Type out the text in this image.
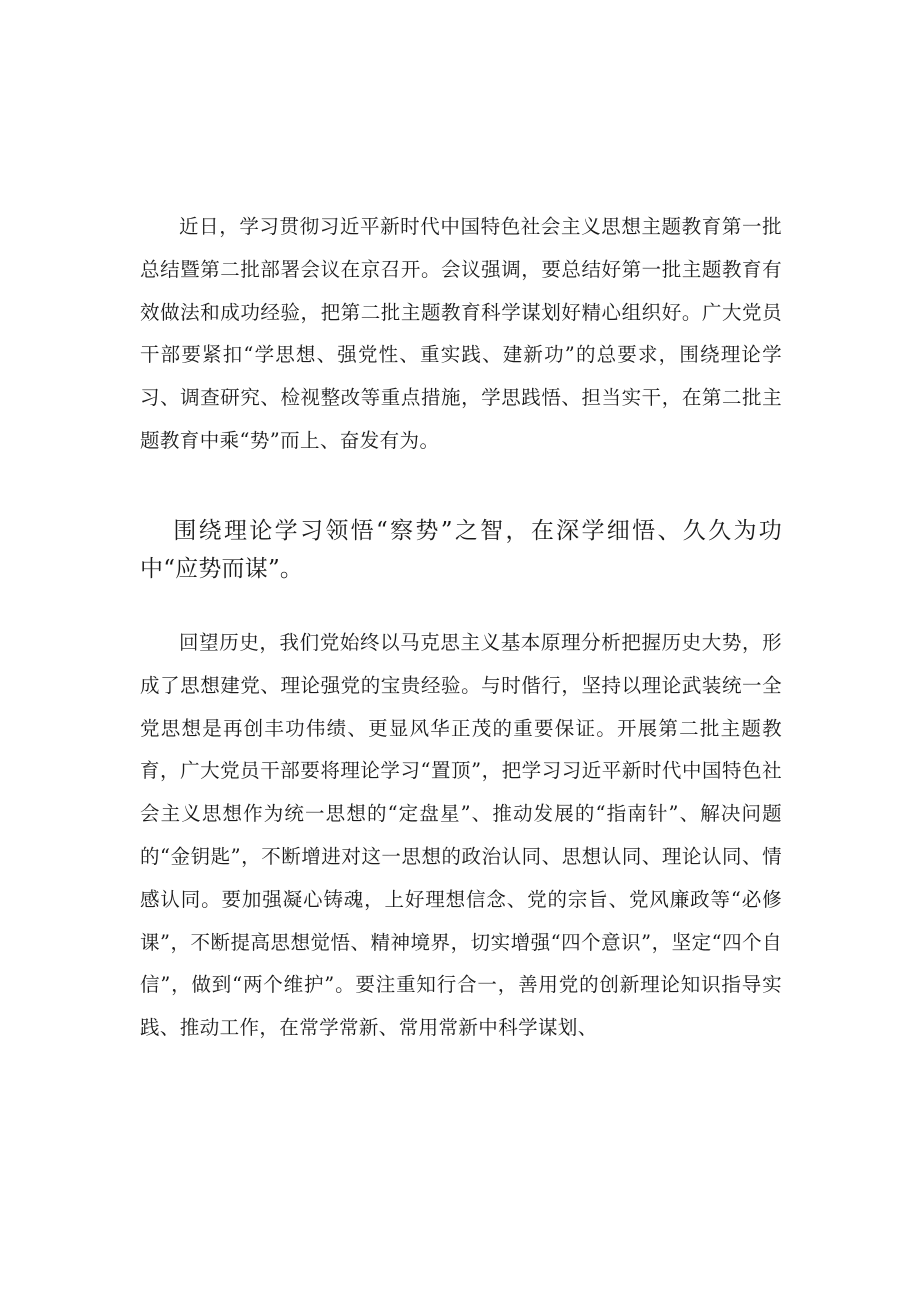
近日，学习贯彻习近平新时代中国特色社会主义思想主题教育第一批总结暨第二批部署会议在京召开。会议强调，要总结好第一批主题教育有效做法和成功经验，把第二批主题教育科学谋划好精心组织好。广大党员干部要紧扣“学思想、强党性、重实践、建新功”的总要求，围绕理论学习、调查研究、检视整改等重点措施，学思践悟、担当实干，在第二批主题教育中乘“势”而上、奋发有为。

围绕理论学习领悟“察势”之智，在深学细悟、久久为功中“应势而谋”。

回望历史，我们党始终以马克思主义基本原理分析把握历史大势，形成了思想建党、理论强党的宝贵经验。与时偕行，坚持以理论武装统一全党思想是再创丰功伟绩、更显风华正茂的重要保证。开展第二批主题教育，广大党员干部要将理论学习“置顶”，把学习习近平新时代中国特色社会主义思想作为统一思想的“定盘星”、推动发展的“指南针”、解决问题的“金钥匙”，不断增进对这一思想的政治认同、思想认同、理论认同、情感认同。要加强凝心铸魂，上好理想信念、党的宗旨、党风廉政等“必修课”，不断提高思想觉悟、精神境界，切实增强“四个意识”，坚定“四个自信”，做到“两个维护”。要注重知行合一，善用党的创新理论知识指导实践、推动工作，在常学常新、常用常新中科学谋划、
